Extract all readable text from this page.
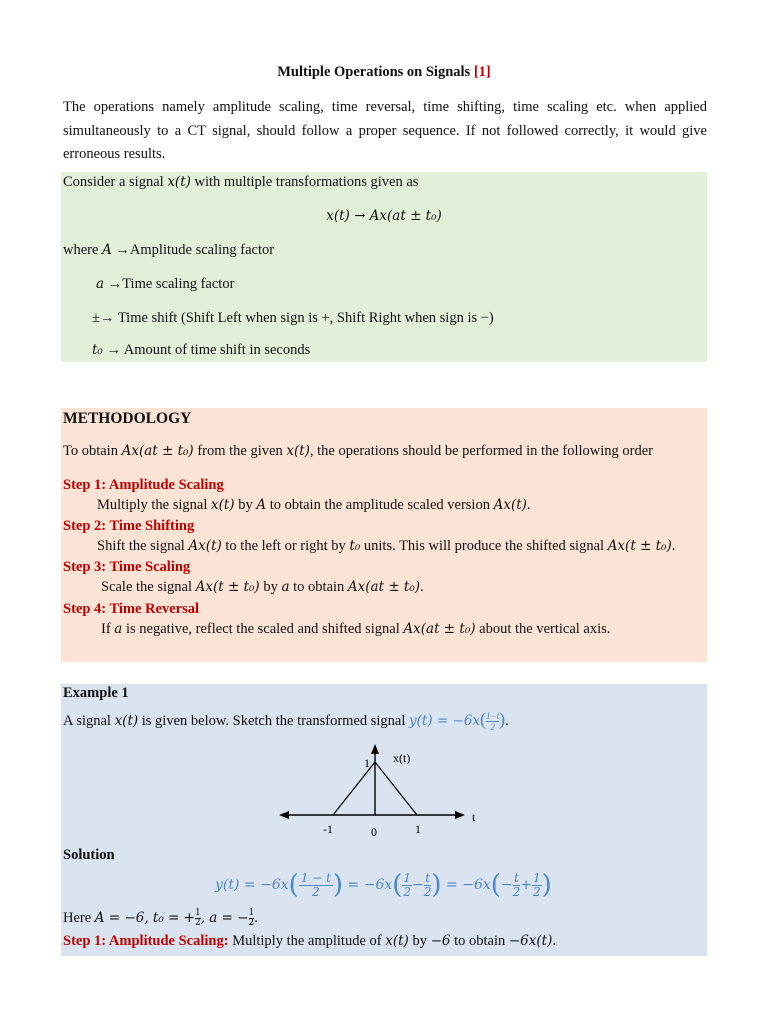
Multiple Operations on Signals [1]
The operations namely amplitude scaling, time reversal, time shifting, time scaling etc. when applied simultaneously to a CT signal, should follow a proper sequence. If not followed correctly, it would give erroneous results.
Consider a signal x(t) with multiple transformations given as
x(t) → Ax(at ± t₀)
where A →Amplitude scaling factor
a →Time scaling factor
±→ Time shift (Shift Left when sign is +, Shift Right when sign is −)
t₀ → Amount of time shift in seconds
METHODOLOGY
To obtain Ax(at ± t₀) from the given x(t), the operations should be performed in the following order
Step 1: Amplitude Scaling
Multiply the signal x(t) by A to obtain the amplitude scaled version Ax(t).
Step 2: Time Shifting
Shift the signal Ax(t) to the left or right by t₀ units. This will produce the shifted signal Ax(t ± t₀).
Step 3: Time Scaling
Scale the signal Ax(t ± t₀) by a to obtain Ax(at ± t₀).
Step 4: Time Reversal
If a is negative, reflect the scaled and shifted signal Ax(at ± t₀) about the vertical axis.
Example 1
A signal x(t) is given below. Sketch the transformed signal $y(t) = -6x( \frac{1-t}{2}$ ).
x(t)
t
1
-1	0	1
Solution
$y(t) = -6x( \frac{1 - t}{2}$ ) = $-6x( \frac{1}{2} - \frac{t}{2}$ ) = $-6x(- \frac{t}{2} + \frac{1}{2}$ )
Here A = −6, t₀ = + $\frac{1}{2}$ , a = − $\frac{1}{2}$ .
Step 1: Amplitude Scaling: Multiply the amplitude of x(t) by −6 to obtain −6x(t).
